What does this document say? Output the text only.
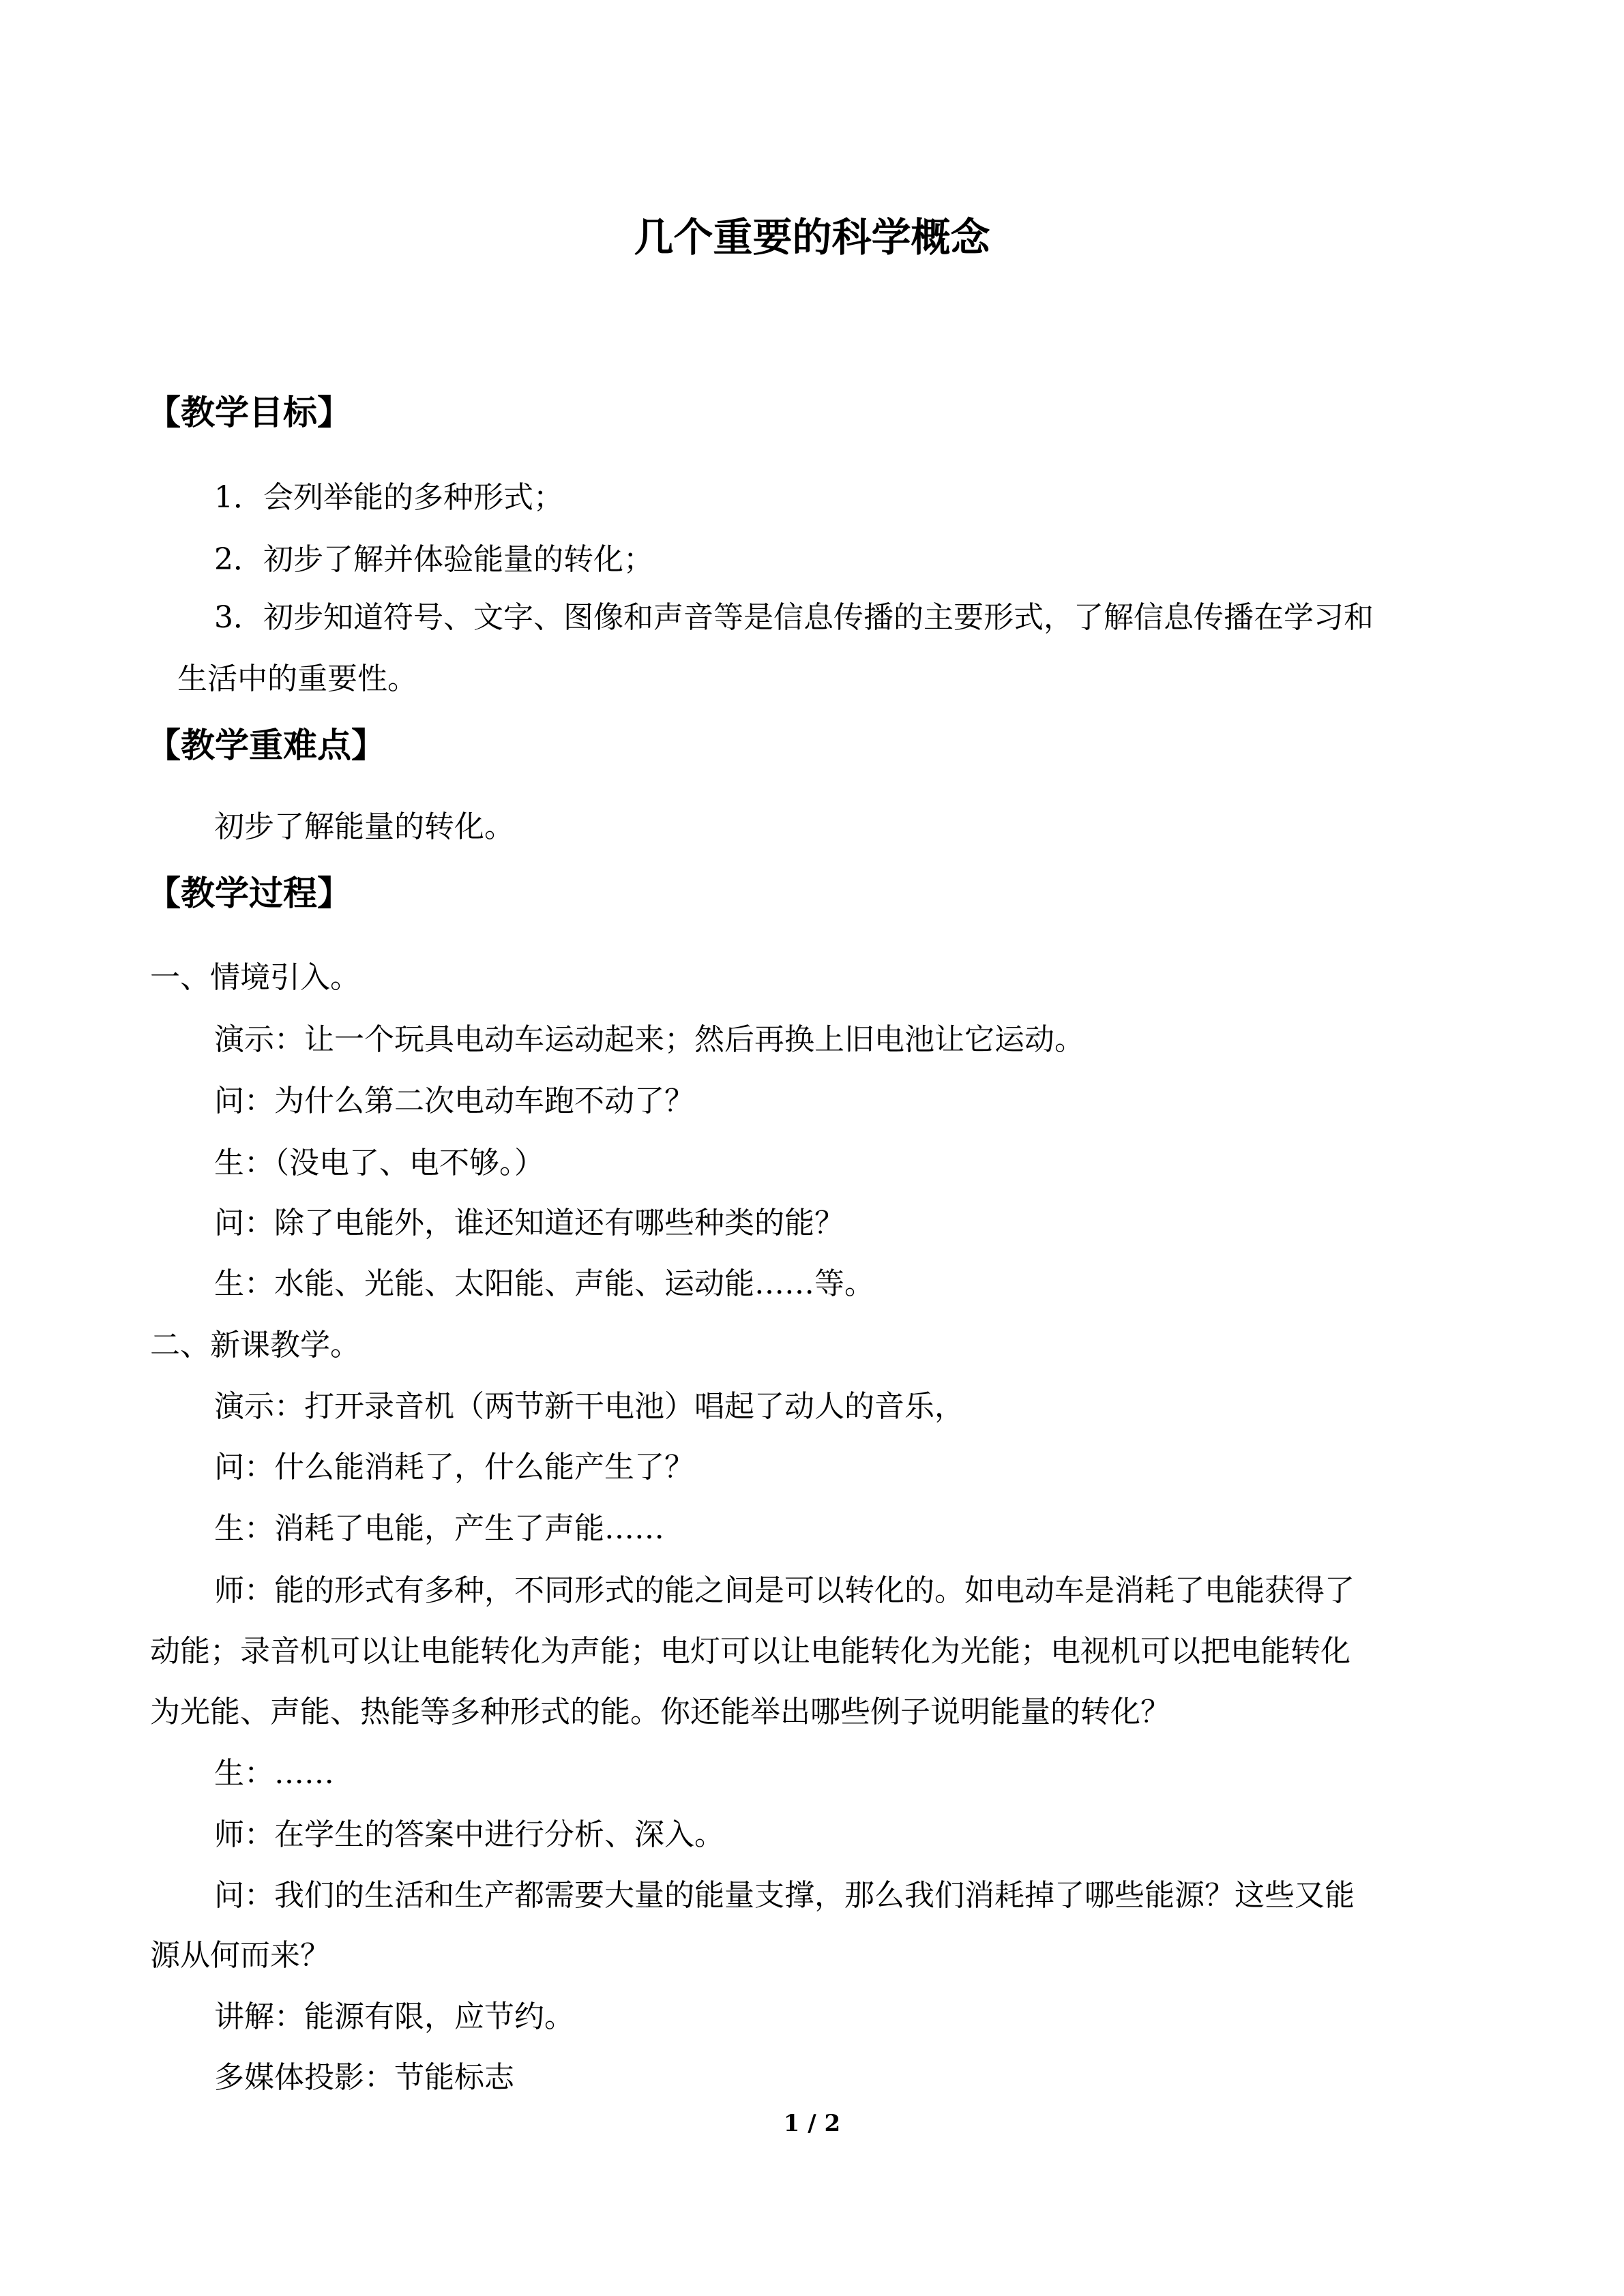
几个重要的科学概念
【教学目标】
1．会列举能的多种形式；
2．初步了解并体验能量的转化；
3．初步知道符号、文字、图像和声音等是信息传播的主要形式，了解信息传播在学习和
生活中的重要性。
【教学重难点】
初步了解能量的转化。
【教学过程】
一、情境引入。
演示：让一个玩具电动车运动起来；然后再换上旧电池让它运动。
问：为什么第二次电动车跑不动了？
生：（没电了、电不够。）
问：除了电能外，谁还知道还有哪些种类的能？
生：水能、光能、太阳能、声能、运动能……等。
二、新课教学。
演示：打开录音机（两节新干电池）唱起了动人的音乐，
问：什么能消耗了，什么能产生了？
生：消耗了电能，产生了声能……
师：能的形式有多种，不同形式的能之间是可以转化的。如电动车是消耗了电能获得了
动能；录音机可以让电能转化为声能；电灯可以让电能转化为光能；电视机可以把电能转化
为光能、声能、热能等多种形式的能。你还能举出哪些例子说明能量的转化？
生：……
师：在学生的答案中进行分析、深入。
问：我们的生活和生产都需要大量的能量支撑，那么我们消耗掉了哪些能源？这些又能
源从何而来？
讲解：能源有限，应节约。
多媒体投影：节能标志
1 / 2
